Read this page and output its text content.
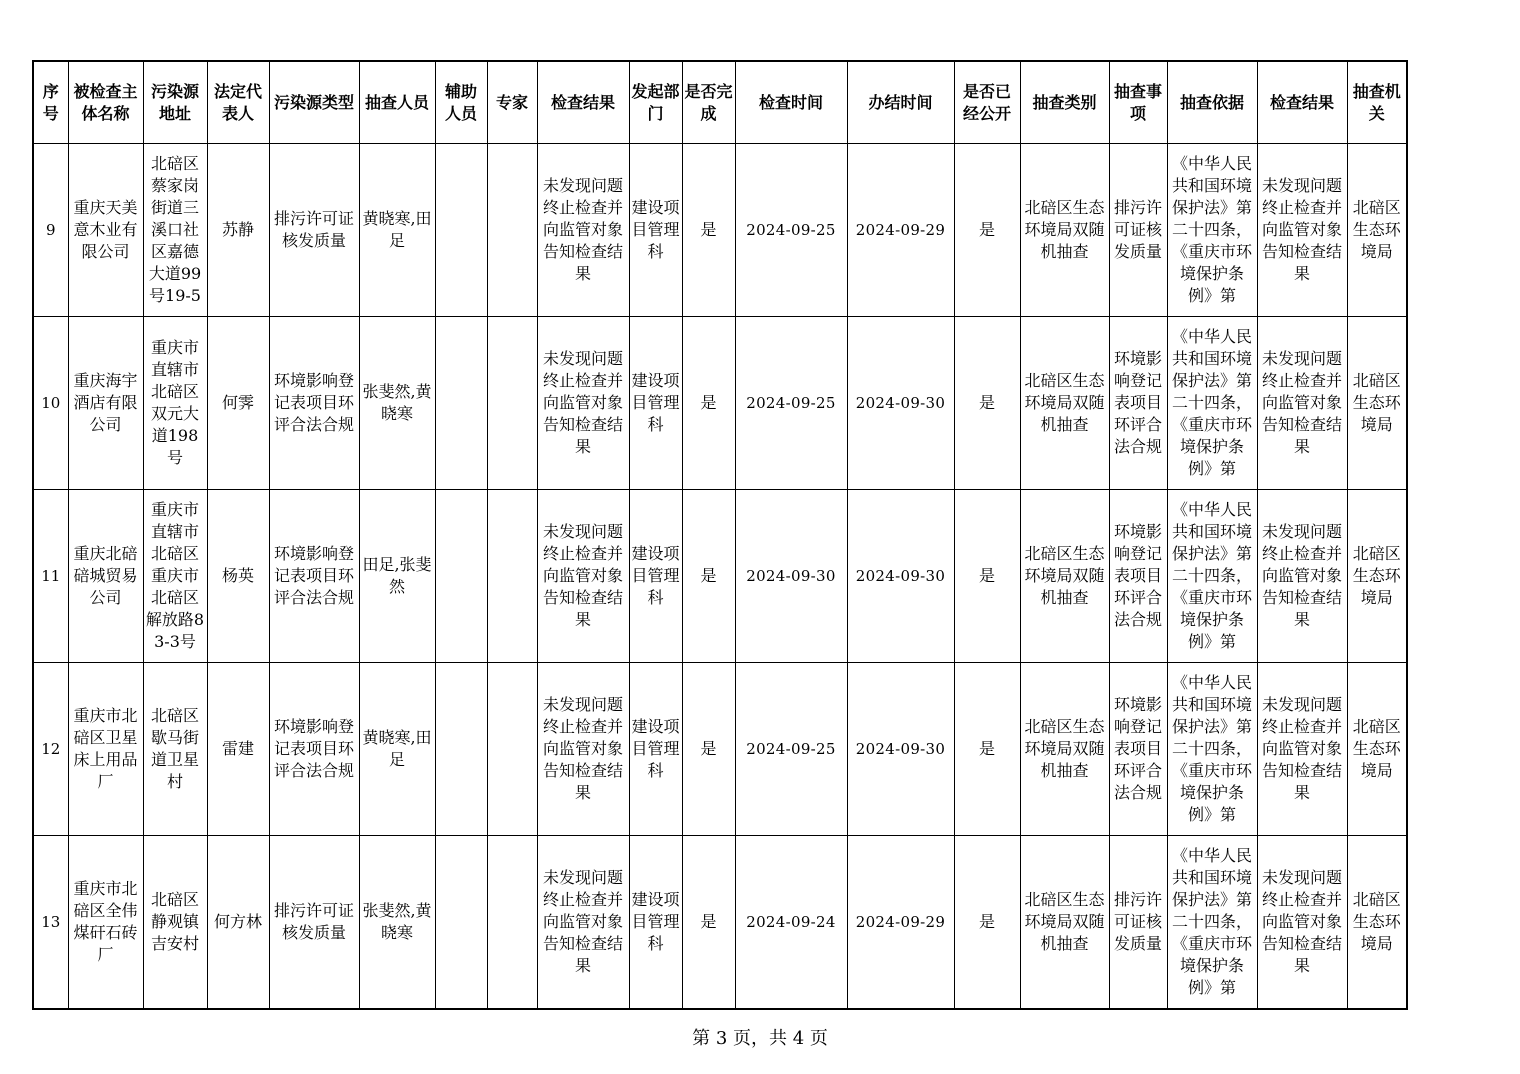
序号	被检查主体名称	污染源地址	法定代表人	污染源类型	抽查人员	辅助人员	专家	检查结果	发起部门	是否完成	检查时间	办结时间	是否已经公开	抽查类别	抽查事项	抽查依据	检查结果	抽查机关

9	重庆天美意木业有限公司	北碚区蔡家岗街道三溪口社区嘉德大道99号19-5	苏静	排污许可证核发质量	黄晓寒,田足			未发现问题终止检查并向监管对象告知检查结果	建设项目管理科	是	2024-09-25	2024-09-29	是	北碚区生态环境局双随机抽查	排污许可证核发质量	《中华人民共和国环境保护法》第二十四条，《重庆市环境保护条例》第	未发现问题终止检查并向监管对象告知检查结果	北碚区生态环境局

10	重庆海宇酒店有限公司	重庆市直辖市北碚区双元大道198号	何霁	环境影响登记表项目环评合法合规	张斐然,黄晓寒			未发现问题终止检查并向监管对象告知检查结果	建设项目管理科	是	2024-09-25	2024-09-30	是	北碚区生态环境局双随机抽查	环境影响登记表项目环评合法合规	《中华人民共和国环境保护法》第二十四条，《重庆市环境保护条例》第	未发现问题终止检查并向监管对象告知检查结果	北碚区生态环境局

11	重庆北碚碚城贸易公司	重庆市直辖市北碚区重庆市北碚区解放路83-3号	杨英	环境影响登记表项目环评合法合规	田足,张斐然			未发现问题终止检查并向监管对象告知检查结果	建设项目管理科	是	2024-09-30	2024-09-30	是	北碚区生态环境局双随机抽查	环境影响登记表项目环评合法合规	《中华人民共和国环境保护法》第二十四条，《重庆市环境保护条例》第	未发现问题终止检查并向监管对象告知检查结果	北碚区生态环境局

12	重庆市北碚区卫星床上用品厂	北碚区歇马街道卫星村	雷建	环境影响登记表项目环评合法合规	黄晓寒,田足			未发现问题终止检查并向监管对象告知检查结果	建设项目管理科	是	2024-09-25	2024-09-30	是	北碚区生态环境局双随机抽查	环境影响登记表项目环评合法合规	《中华人民共和国环境保护法》第二十四条，《重庆市环境保护条例》第	未发现问题终止检查并向监管对象告知检查结果	北碚区生态环境局

13	重庆市北碚区全伟煤矸石砖厂	北碚区静观镇吉安村	何方林	排污许可证核发质量	张斐然,黄晓寒			未发现问题终止检查并向监管对象告知检查结果	建设项目管理科	是	2024-09-24	2024-09-29	是	北碚区生态环境局双随机抽查	排污许可证核发质量	《中华人民共和国环境保护法》第二十四条，《重庆市环境保护条例》第	未发现问题终止检查并向监管对象告知检查结果	北碚区生态环境局
第 3 页，共 4 页
